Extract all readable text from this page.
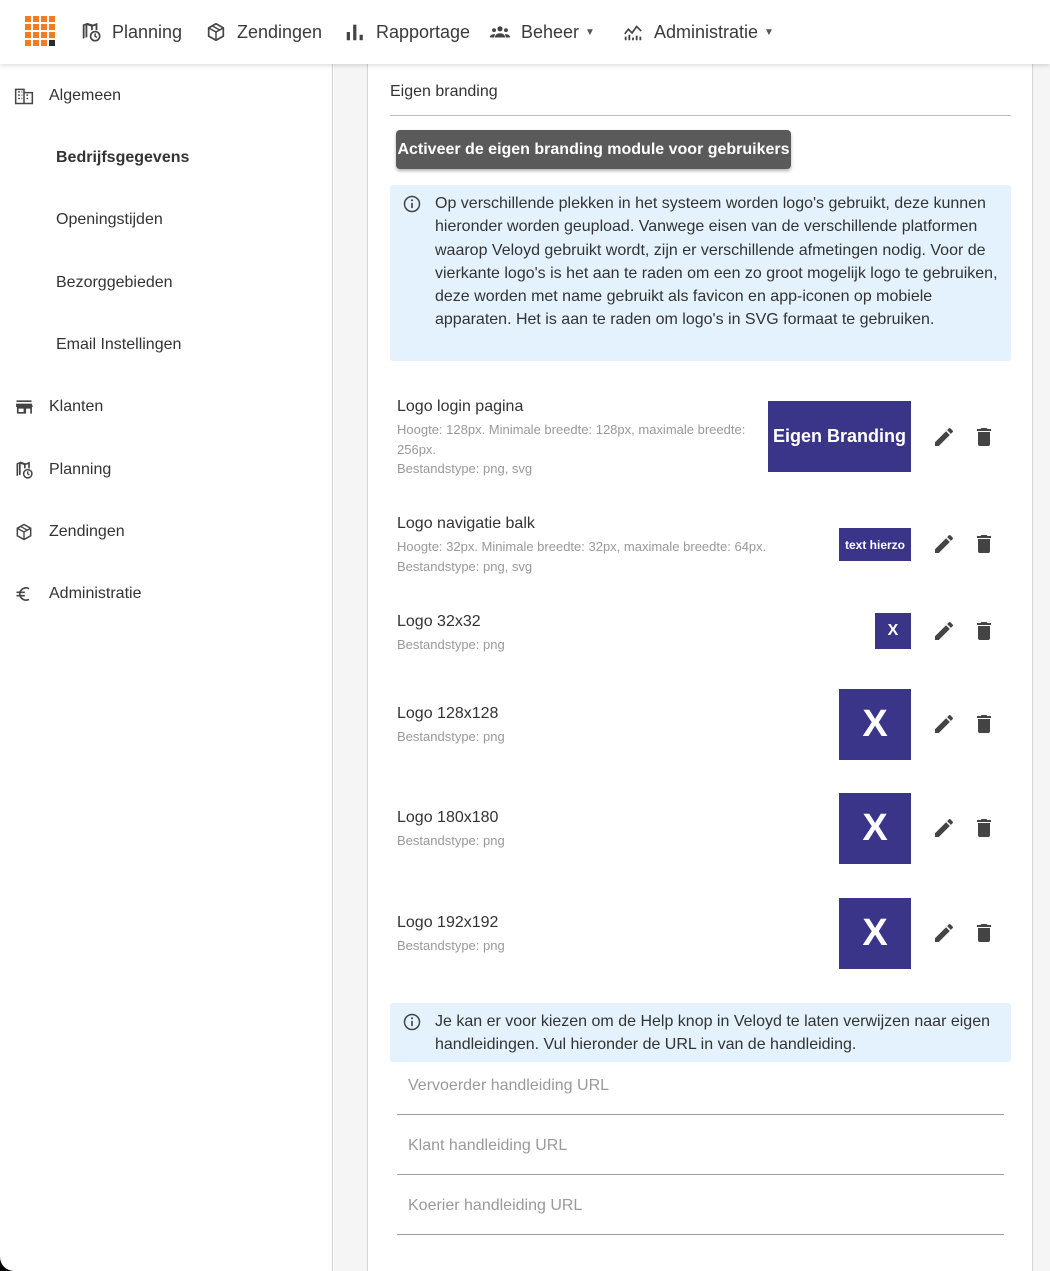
Planning	Zendingen	Rapportage	Beheer ▼	Administratie ▼
Algemeen
Bedrijfsgegevens
Openingstijden
Bezorggebieden
Email Instellingen
Klanten
Planning
Zendingen
Administratie
Eigen branding
Activeer de eigen branding module voor gebruikers
Op verschillende plekken in het systeem worden logo's gebruikt, deze kunnen hieronder worden geupload. Vanwege eisen van de verschillende platformen waarop Veloyd gebruikt wordt, zijn er verschillende afmetingen nodig. Voor de vierkante logo's is het aan te raden om een zo groot mogelijk logo te gebruiken, deze worden met name gebruikt als favicon en app-iconen op mobiele apparaten. Het is aan te raden om logo's in SVG formaat te gebruiken.
Logo login pagina
Hoogte: 128px. Minimale breedte: 128px, maximale breedte: 256px.
Bestandstype: png, svg
Eigen Branding
Logo navigatie balk
Hoogte: 32px. Minimale breedte: 32px, maximale breedte: 64px.
Bestandstype: png, svg
text hierzo
Logo 32x32
Bestandstype: png
X
Logo 128x128
Bestandstype: png	X
Logo 180x180
Bestandstype: png	X
Logo 192x192
Bestandstype: png	X
Je kan er voor kiezen om de Help knop in Veloyd te laten verwijzen naar eigen handleidingen. Vul hieronder de URL in van de handleiding.
Vervoerder handleiding URL
Klant handleiding URL
Koerier handleiding URL
